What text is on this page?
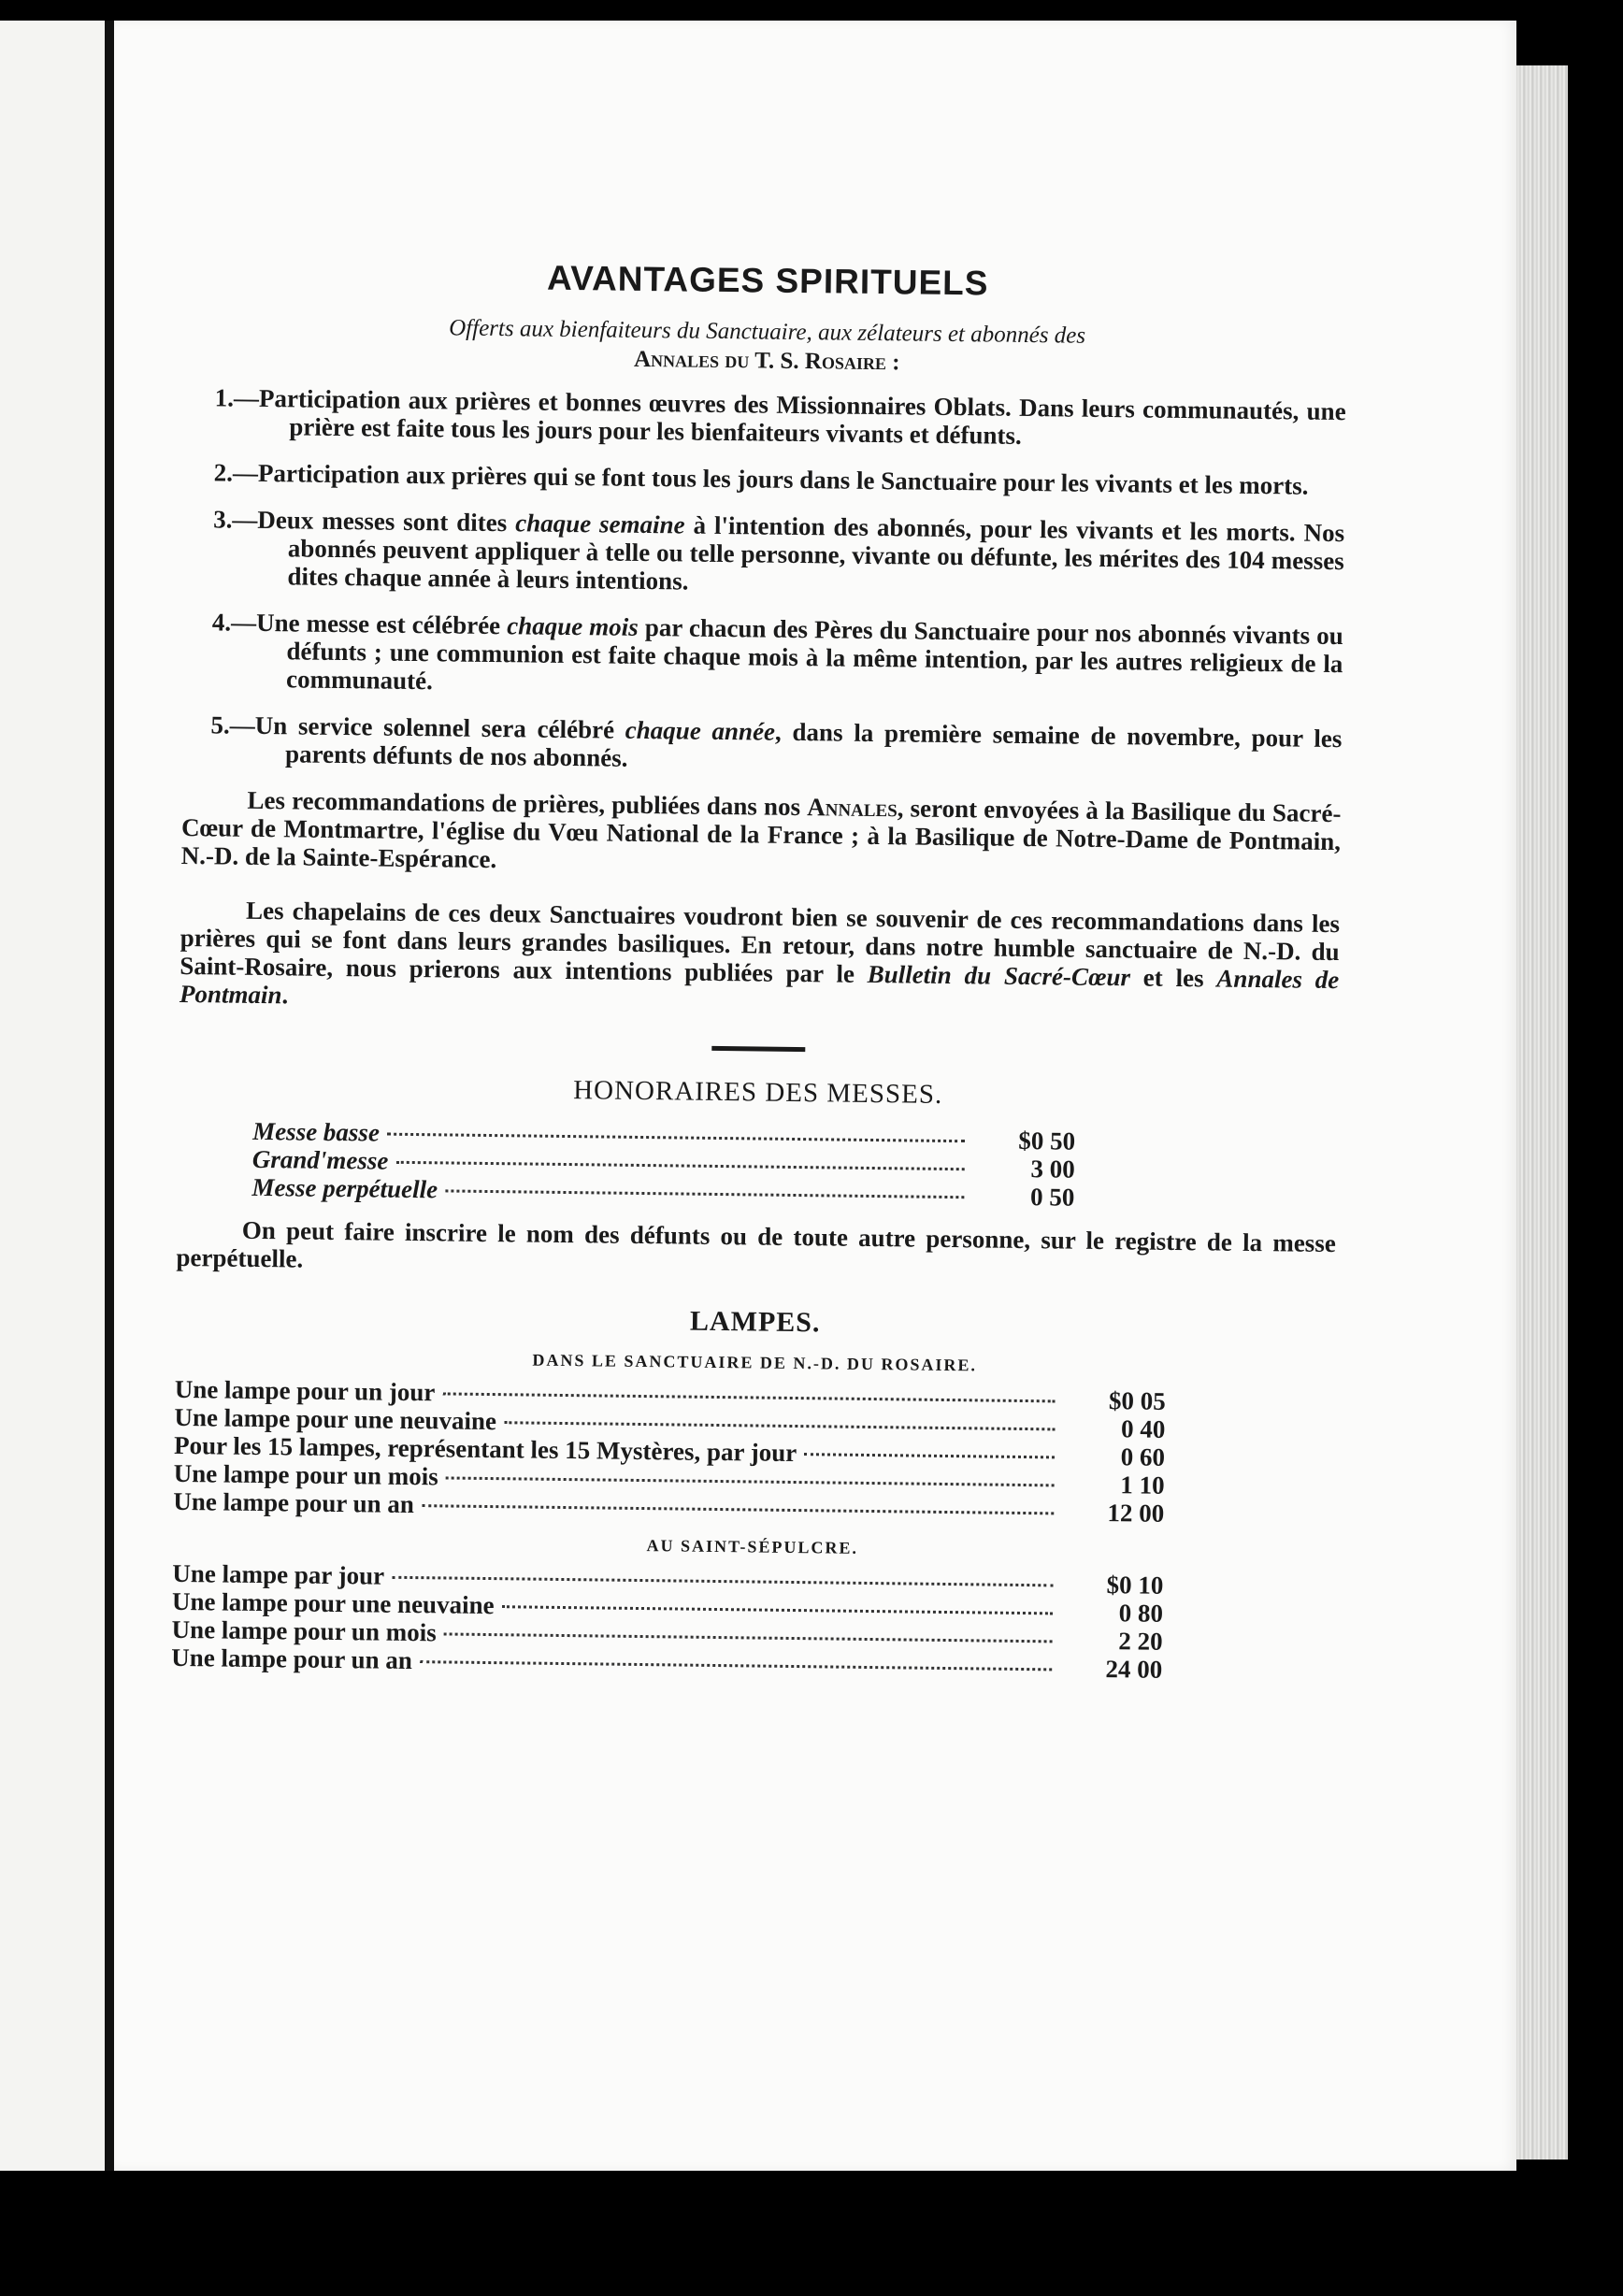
AVANTAGES SPIRITUELS
Offerts aux bienfaiteurs du Sanctuaire, aux zélateurs et abonnés des
Annales du T. S. Rosaire :
1.—Participation aux prières et bonnes œuvres des Missionnaires Oblats. Dans leurs communautés, une prière est faite tous les jours pour les bienfaiteurs vivants et défunts.
2.—Participation aux prières qui se font tous les jours dans le Sanctuaire pour les vivants et les morts.
3.—Deux messes sont dites chaque semaine à l'intention des abonnés, pour les vivants et les morts. Nos abonnés peuvent appliquer à telle ou telle personne, vivante ou défunte, les mérites des 104 messes dites chaque année à leurs intentions.
4.—Une messe est célébrée chaque mois par chacun des Pères du Sanctuaire pour nos abonnés vivants ou défunts ; une communion est faite chaque mois à la même intention, par les autres religieux de la communauté.
5.—Un service solennel sera célébré chaque année, dans la première semaine de novembre, pour les parents défunts de nos abonnés.
Les recommandations de prières, publiées dans nos Annales, seront envoyées à la Basilique du Sacré-Cœur de Montmartre, l'église du Vœu National de la France ; à la Basilique de Notre-Dame de Pontmain, N.-D. de la Sainte-Espérance.
Les chapelains de ces deux Sanctuaires voudront bien se souvenir de ces recommandations dans les prières qui se font dans leurs grandes basiliques. En retour, dans notre humble sanctuaire de N.-D. du Saint-Rosaire, nous prierons aux intentions publiées par le Bulletin du Sacré-Cœur et les Annales de Pontmain.
HONORAIRES DES MESSES.
Messe basse	$0 50
Grand'messe	3 00
Messe perpétuelle	0 50
On peut faire inscrire le nom des défunts ou de toute autre personne, sur le registre de la messe perpétuelle.
LAMPES.
DANS LE SANCTUAIRE DE N.-D. DU ROSAIRE.
Une lampe pour un jour	$0 05
Une lampe pour une neuvaine	0 40
Pour les 15 lampes, représentant les 15 Mystères, par jour	0 60
Une lampe pour un mois	1 10
Une lampe pour un an	12 00
AU SAINT-SÉPULCRE.
Une lampe par jour	$0 10
Une lampe pour une neuvaine	0 80
Une lampe pour un mois	2 20
Une lampe pour un an	24 00
